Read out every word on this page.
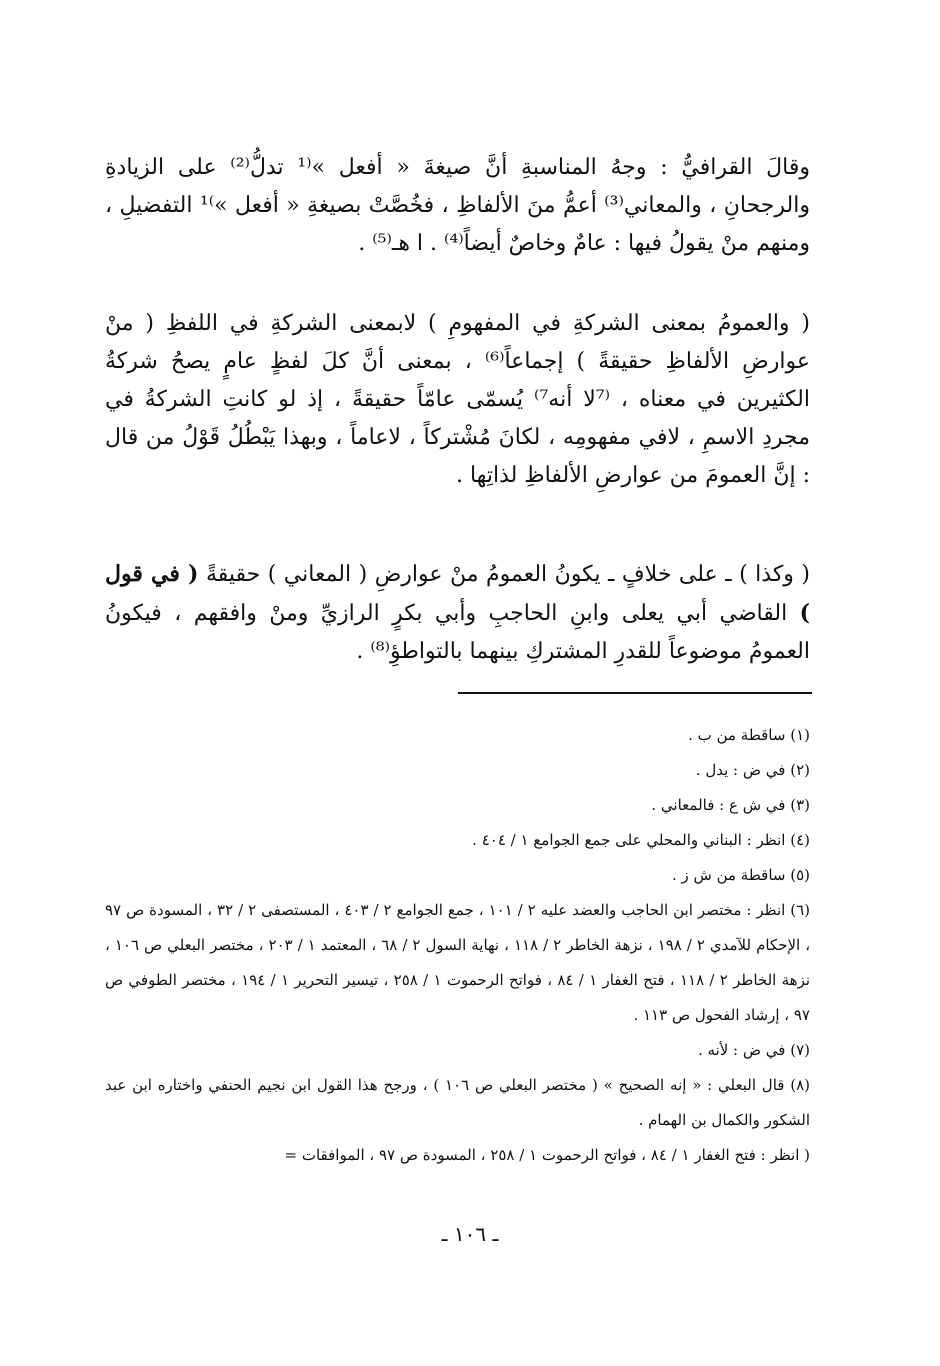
وقالَ القرافيُّ : وجهُ المناسبةِ أنَّ صيغةَ « أفعل »⁽¹ تدلُّ⁽²⁾ على الزيادةِ والرجحانِ ، والمعاني⁽³⁾ أعمُّ منَ الألفاظِ ، فخُصَّتْ بصيغةِ « أفعل »⁾¹ التفضيلِ ، ومنهم منْ يقولُ فيها : عامٌ وخاصٌ أيضاً⁽⁴⁾ . ا هـ⁽⁵⁾ .

( والعمومُ بمعنى الشركةِ في المفهومِ ) لابمعنى الشركةِ في اللفظِ ( منْ عوارضِ الألفاظِ حقيقةً ) إجماعاً⁽⁶⁾ ، بمعنى أنَّ كلَ لفظٍ عامٍ يصحُ شركةُ الكثيرين في معناه ، ⁽⁷لا أنه⁷⁾ يُسمّى عامّاً حقيقةً ، إذ لو كانتِ الشركةُ في مجردِ الاسمِ ، لافي مفهومِه ، لكانَ مُشْتركاً ، لاعاماً ، وبهذا يَبْطُلُ قَوْلُ من قال : إنَّ العمومَ من عوارضِ الألفاظِ لذاتِها .

( وكذا ) ـ على خلافٍ ـ يكونُ العمومُ منْ عوارضِ ( المعاني ) حقيقةً ( في قول ) القاضي أبي يعلى وابنِ الحاجبِ وأبي بكرٍ الرازيِّ ومنْ وافقهم ، فيكونُ العمومُ موضوعاً للقدرِ المشتركِ بينهما بالتواطؤِ⁽⁸⁾ .

(١) ساقطة من ب .
(٢) في ض : يدل .
(٣) في ش ع : فالمعاني .
(٤) انظر : البناني والمحلي على جمع الجوامع ١ / ٤٠٤ .
(٥) ساقطة من ش ز .
(٦) انظر : مختصر ابن الحاجب والعضد عليه ٢ / ١٠١ ، جمع الجوامع ٢ / ٤٠٣ ، المستصفى ٢ / ٣٢ ، المسودة ص ٩٧ ، الإحكام للآمدي ٢ / ١٩٨ ، نزهة الخاطر ٢ / ١١٨ ، نهاية السول ٢ / ٦٨ ، المعتمد ١ / ٢٠٣ ، مختصر البعلي ص ١٠٦ ، نزهة الخاطر ٢ / ١١٨ ، فتح الغفار ١ / ٨٤ ، فواتح الرحموت ١ / ٢٥٨ ، تيسير التحرير ١ / ١٩٤ ، مختصر الطوفي ص ٩٧ ، إرشاد الفحول ص ١١٣ .
(٧) في ض : لأنه .
(٨) قال البعلي : « إنه الصحيح » ( مختصر البعلي ص ١٠٦ ) ، ورجح هذا القول ابن نجيم الحنفي واختاره ابن عبد الشكور والكمال بن الهمام .
( انظر : فتح الغفار ١ / ٨٤ ، فواتح الرحموت ١ / ٢٥٨ ، المسودة ص ٩٧ ، الموافقات =
ـ ١٠٦ ـ
